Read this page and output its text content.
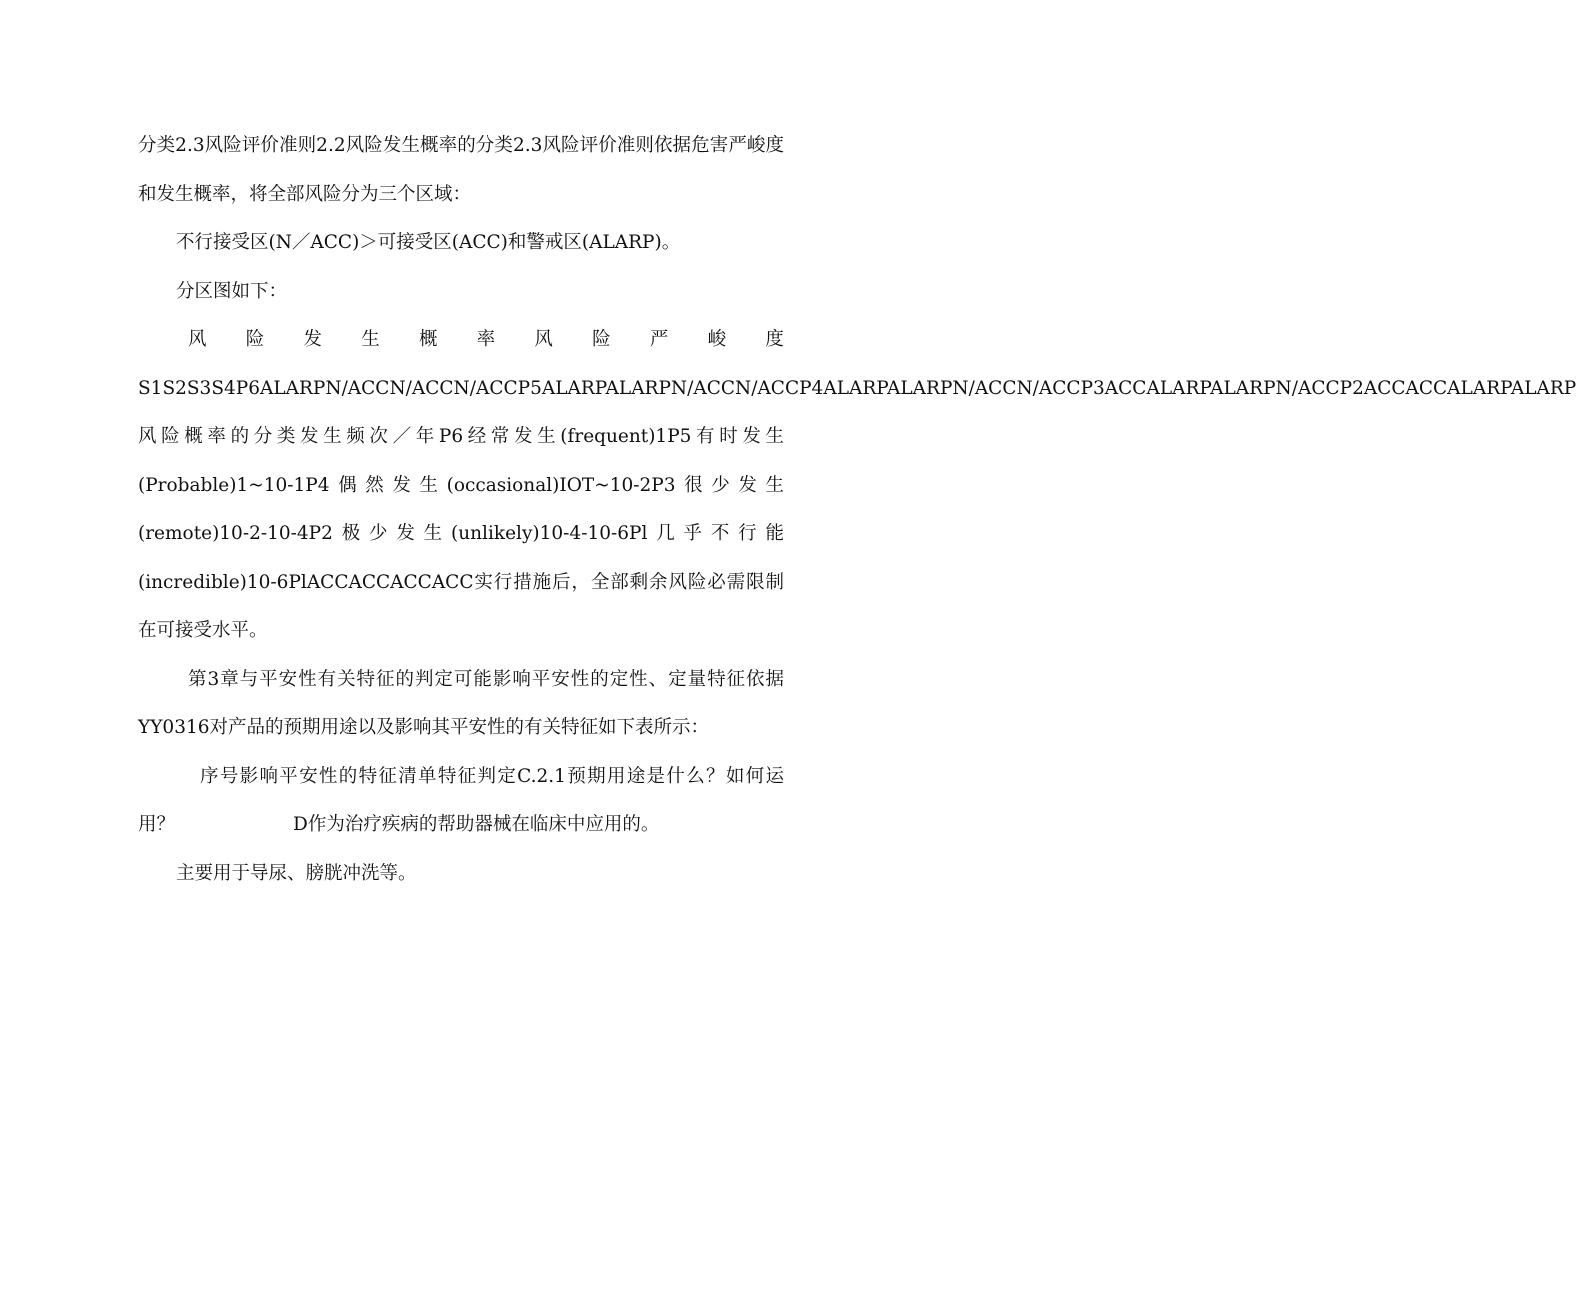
分类2.3风险评价准则2.2风险发生概率的分类2.3风险评价准则依据危害严峻度和发生概率，将全部风险分为三个区域：

不行接受区(N／ACC)＞可接受区(ACC)和警戒区(ALARP)。

分区图如下：

风 险 发 生 概 率 风 险 严 峻 度

S1S2S3S4P6ALARPN/ACCN/ACCN/ACCP5ALARPALARPN/ACCN/ACCP4ALARPALARPN/ACCN/ACCP3ACCALARPALARPN/ACCP2ACCACCALARPALARP风险概率的分类发生频次／年P6经常发生(frequent)1P5有时发生(Probable)1~10-1P4偶然发生(occasional)IOT~10-2P3很少发生(remote)10-2-10-4P2极少发生(unlikely)10-4-10-6Pl几乎不行能(incredible)10-6PlACCACCACCACC实行措施后，全部剩余风险必需限制在可接受水平。

第3章与平安性有关特征的判定可能影响平安性的定性、定量特征依据YY0316对产品的预期用途以及影响其平安性的有关特征如下表所示：

序号影响平安性的特征清单特征判定C.2.1预期用途是什么？如何运用？	D作为治疗疾病的帮助器械在临床中应用的。

主要用于导尿、膀胱冲洗等。
